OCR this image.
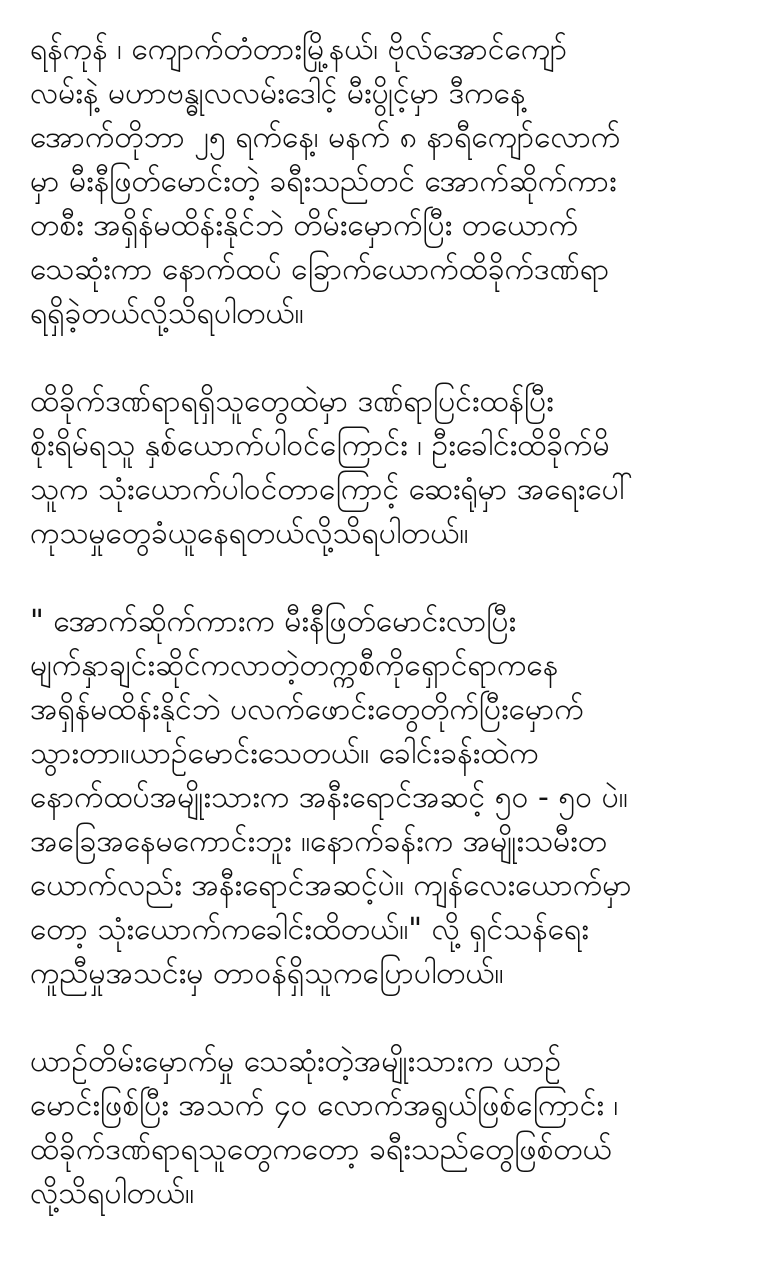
ရန်ကုန် ၊ ကျောက်တံတားမြို့နယ်၊ ဗိုလ်အောင်ကျော်
လမ်းနဲ့ မဟာဗန္ဓုလလမ်းဒေါင့် မီးပွိုင့်မှာ ဒီကနေ့
အောက်တိုဘာ ၂၅ ရက်နေ့၊ မနက် ၈ နာရီကျော်လောက်
မှာ မီးနီဖြတ်မောင်းတဲ့ ခရီးသည်တင် အောက်ဆိုက်ကား
တစီး အရှိန်မထိန်းနိုင်ဘဲ တိမ်းမှောက်ပြီး တယောက်
သေဆုံးကာ နောက်ထပ် ခြောက်ယောက်ထိခိုက်ဒဏ်ရာ
ရရှိခဲ့တယ်လို့သိရပါတယ်။
ထိခိုက်ဒဏ်ရာရရှိသူတွေထဲမှာ ဒဏ်ရာပြင်းထန်ပြီး
စိုးရိမ်ရသူ နှစ်ယောက်ပါဝင်ကြောင်း ၊ ဦးခေါင်းထိခိုက်မိ
သူက သုံးယောက်ပါဝင်တာကြောင့် ဆေးရုံမှာ အရေးပေါ်
ကုသမှုတွေခံယူနေရတယ်လို့သိရပါတယ်။
" အောက်ဆိုက်ကားက မီးနီဖြတ်မောင်းလာပြီး
မျက်နှာချင်းဆိုင်ကလာတဲ့တက္ကစီကိုရှောင်ရာကနေ
အရှိန်မထိန်းနိုင်ဘဲ ပလက်ဖောင်းတွေတိုက်ပြီးမှောက်
သွားတာ။ယာဉ်မောင်းသေတယ်။ ခေါင်းခန်းထဲက
နောက်ထပ်အမျိုးသားက အနီးရောင်အဆင့် ၅၀ - ၅၀ ပဲ။
အခြေအနေမကောင်းဘူး ။နောက်ခန်းက အမျိုးသမီးတ
ယောက်လည်း အနီးရောင်အဆင့်ပဲ။ ကျန်လေးယောက်မှာ
တော့ သုံးယောက်ကခေါင်းထိတယ်။" လို့ ရှင်သန်ရေး
ကူညီမှုအသင်းမှ တာဝန်ရှိသူကပြောပါတယ်။
ယာဉ်တိမ်းမှောက်မှု သေဆုံးတဲ့အမျိုးသားက ယာဉ်
မောင်းဖြစ်ပြီး အသက် ၄၀ လောက်အရွယ်ဖြစ်ကြောင်း ၊
ထိခိုက်ဒဏ်ရာရသူတွေကတော့ ခရီးသည်တွေဖြစ်တယ်
လို့သိရပါတယ်။
